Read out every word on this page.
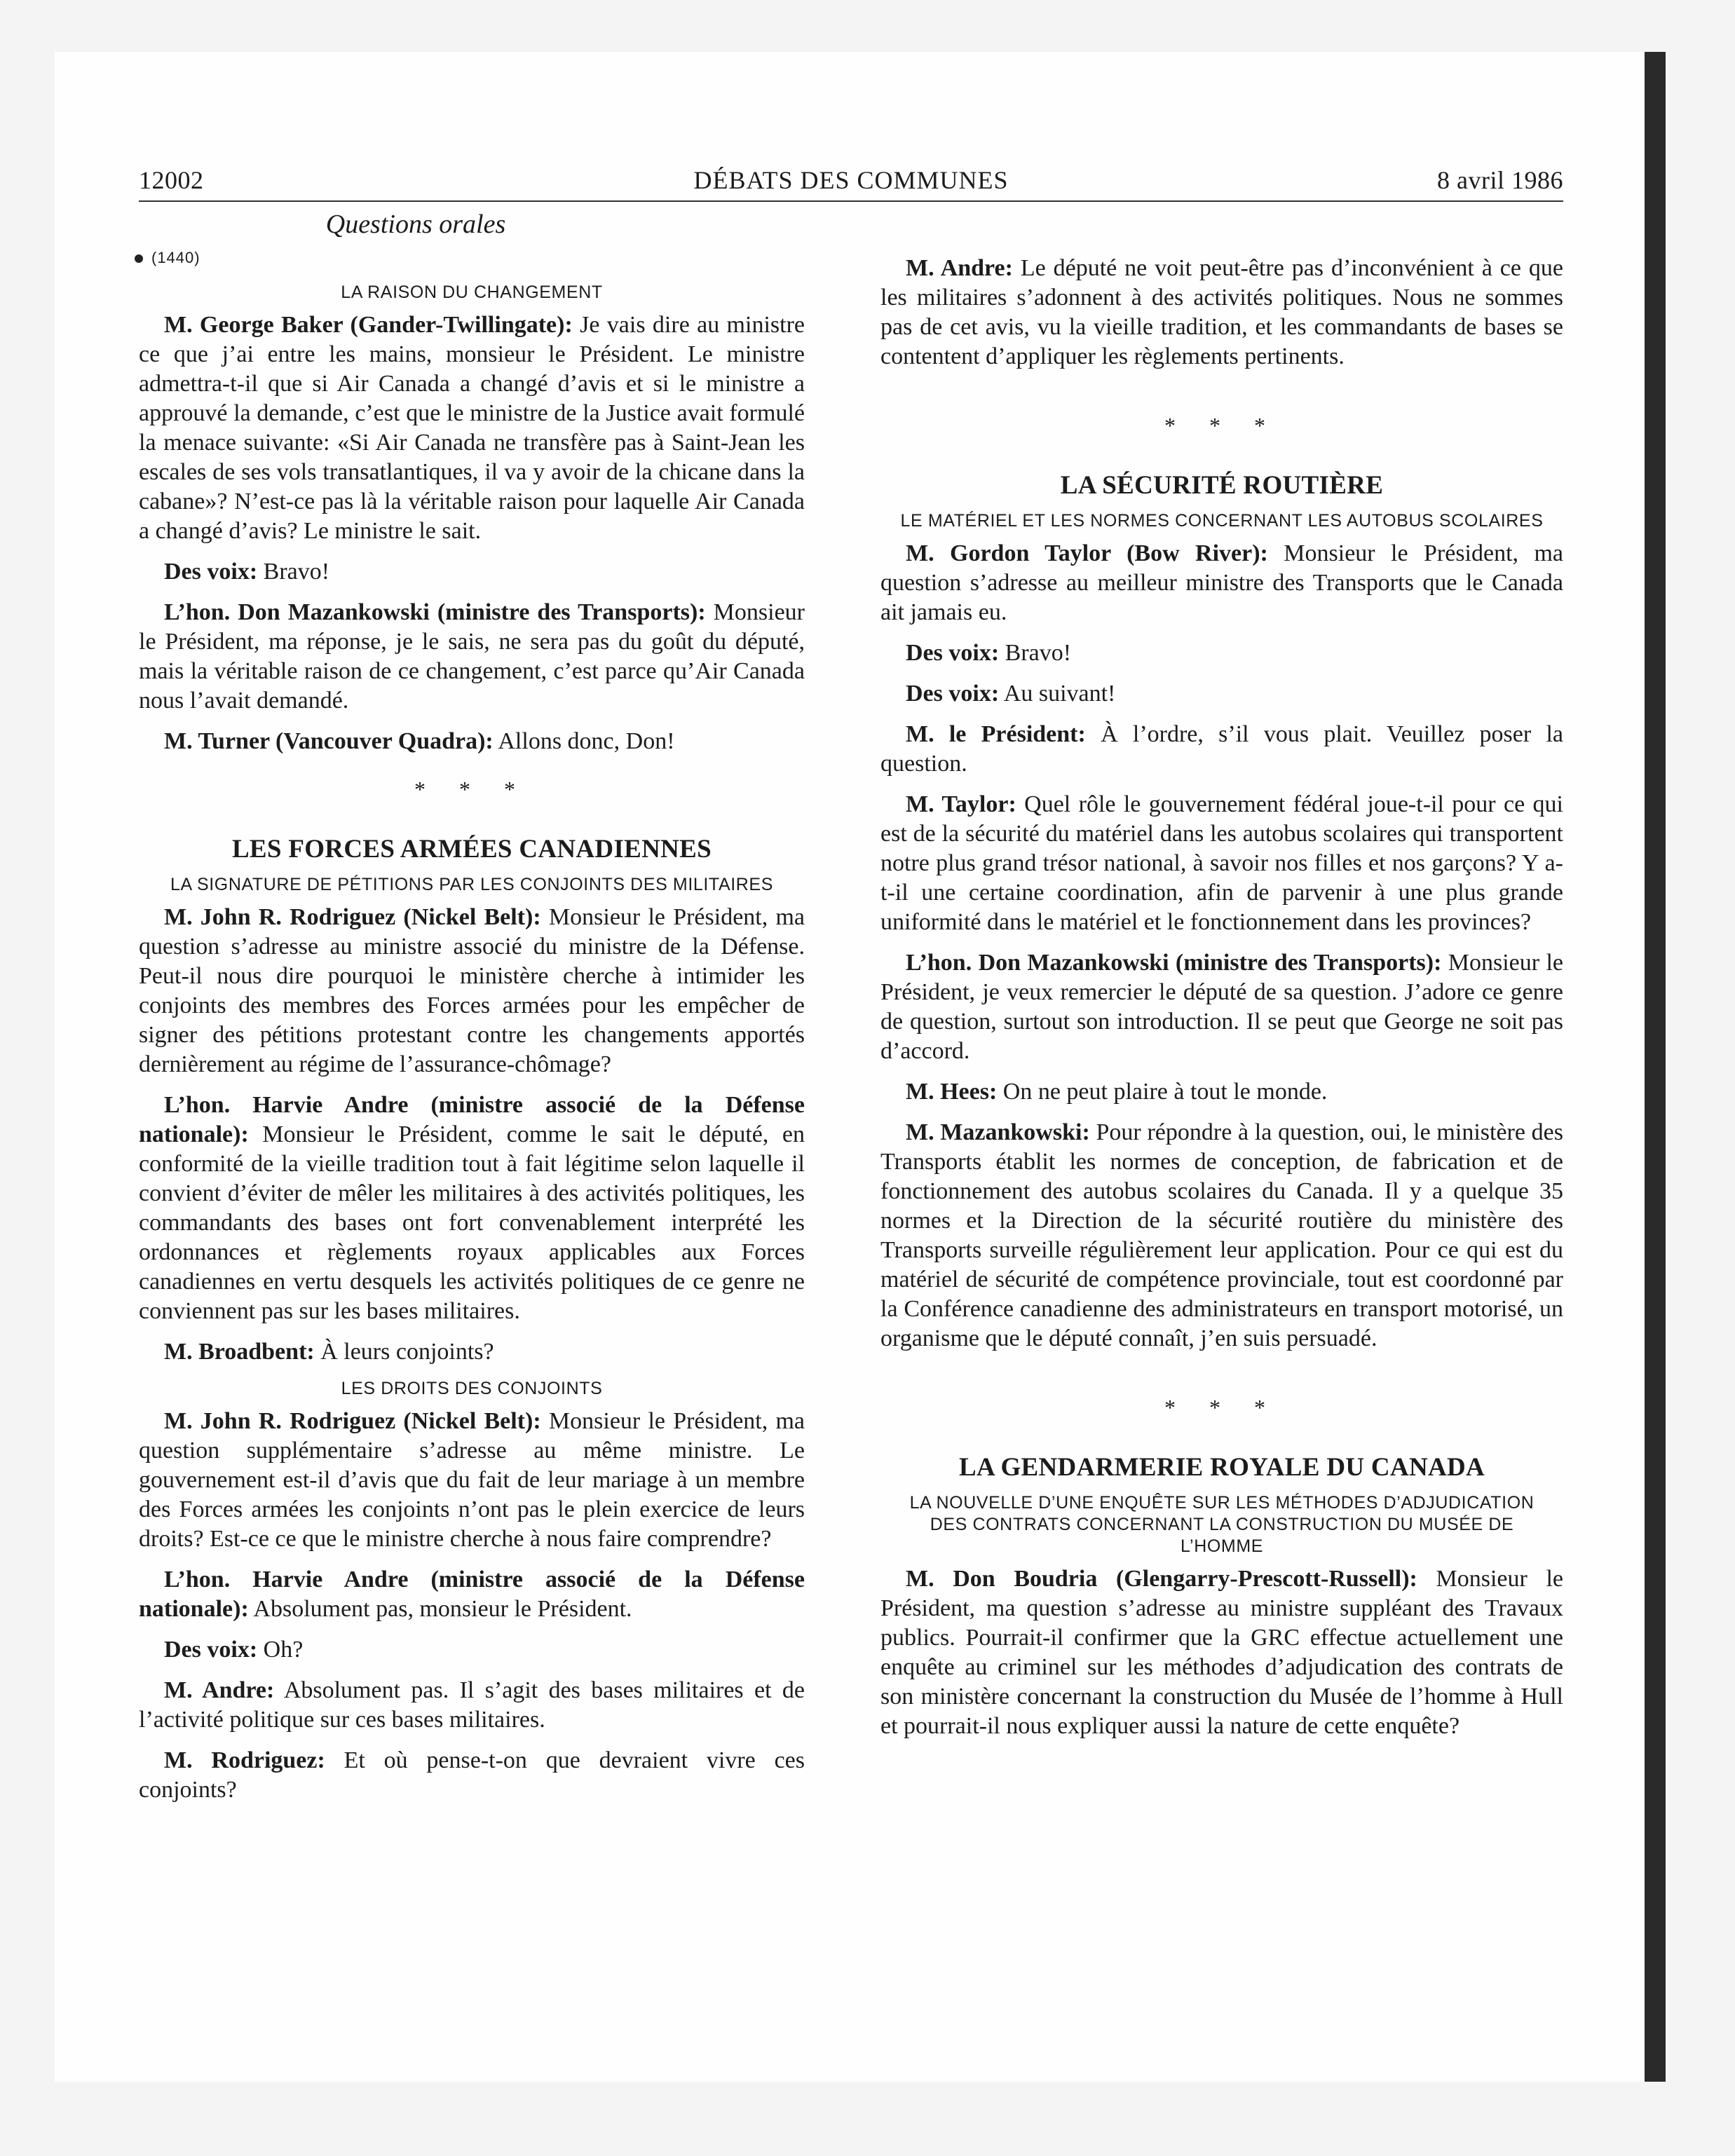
12002	DÉBATS DES COMMUNES	8 avril 1986
Questions orales
(1440)
LA RAISON DU CHANGEMENT

M. George Baker (Gander-Twillingate): Je vais dire au ministre ce que j’ai entre les mains, monsieur le Président. Le ministre admettra-t-il que si Air Canada a changé d’avis et si le ministre a approuvé la demande, c’est que le ministre de la Justice avait formulé la menace suivante: «Si Air Canada ne transfère pas à Saint-Jean les escales de ses vols transatlantiques, il va y avoir de la chicane dans la cabane»? N’est-ce pas là la véritable raison pour laquelle Air Canada a changé d’avis? Le ministre le sait.

Des voix: Bravo!

L’hon. Don Mazankowski (ministre des Transports): Monsieur le Président, ma réponse, je le sais, ne sera pas du goût du député, mais la véritable raison de ce changement, c’est parce qu’Air Canada nous l’avait demandé.

M. Turner (Vancouver Quadra): Allons donc, Don!

* * *
LES FORCES ARMÉES CANADIENNES
LA SIGNATURE DE PÉTITIONS PAR LES CONJOINTS DES MILITAIRES

M. John R. Rodriguez (Nickel Belt): Monsieur le Président, ma question s’adresse au ministre associé du ministre de la Défense. Peut-il nous dire pourquoi le ministère cherche à intimider les conjoints des membres des Forces armées pour les empêcher de signer des pétitions protestant contre les changements apportés dernièrement au régime de l’assurance-chômage?

L’hon. Harvie Andre (ministre associé de la Défense nationale): Monsieur le Président, comme le sait le député, en conformité de la vieille tradition tout à fait légitime selon laquelle il convient d’éviter de mêler les militaires à des activités politiques, les commandants des bases ont fort convenablement interprété les ordonnances et règlements royaux applicables aux Forces canadiennes en vertu desquels les activités politiques de ce genre ne conviennent pas sur les bases militaires.

M. Broadbent: À leurs conjoints?

LES DROITS DES CONJOINTS

M. John R. Rodriguez (Nickel Belt): Monsieur le Président, ma question supplémentaire s’adresse au même ministre. Le gouvernement est-il d’avis que du fait de leur mariage à un membre des Forces armées les conjoints n’ont pas le plein exercice de leurs droits? Est-ce ce que le ministre cherche à nous faire comprendre?

L’hon. Harvie Andre (ministre associé de la Défense nationale): Absolument pas, monsieur le Président.

Des voix: Oh?

M. Andre: Absolument pas. Il s’agit des bases militaires et de l’activité politique sur ces bases militaires.

M. Rodriguez: Et où pense-t-on que devraient vivre ces conjoints?

M. Andre: Le député ne voit peut-être pas d’inconvénient à ce que les militaires s’adonnent à des activités politiques. Nous ne sommes pas de cet avis, vu la vieille tradition, et les commandants de bases se contentent d’appliquer les règlements pertinents.

* * *
LA SÉCURITÉ ROUTIÈRE
LE MATÉRIEL ET LES NORMES CONCERNANT LES AUTOBUS SCOLAIRES

M. Gordon Taylor (Bow River): Monsieur le Président, ma question s’adresse au meilleur ministre des Transports que le Canada ait jamais eu.

Des voix: Bravo!

Des voix: Au suivant!

M. le Président: À l’ordre, s’il vous plait. Veuillez poser la question.

M. Taylor: Quel rôle le gouvernement fédéral joue-t-il pour ce qui est de la sécurité du matériel dans les autobus scolaires qui transportent notre plus grand trésor national, à savoir nos filles et nos garçons? Y a-t-il une certaine coordination, afin de parvenir à une plus grande uniformité dans le matériel et le fonctionnement dans les provinces?

L’hon. Don Mazankowski (ministre des Transports): Monsieur le Président, je veux remercier le député de sa question. J’adore ce genre de question, surtout son introduction. Il se peut que George ne soit pas d’accord.

M. Hees: On ne peut plaire à tout le monde.

M. Mazankowski: Pour répondre à la question, oui, le ministère des Transports établit les normes de conception, de fabrication et de fonctionnement des autobus scolaires du Canada. Il y a quelque 35 normes et la Direction de la sécurité routière du ministère des Transports surveille régulièrement leur application. Pour ce qui est du matériel de sécurité de compétence provinciale, tout est coordonné par la Conférence canadienne des administrateurs en transport motorisé, un organisme que le député connaît, j’en suis persuadé.

* * *
LA GENDARMERIE ROYALE DU CANADA
LA NOUVELLE D’UNE ENQUÊTE SUR LES MÉTHODES D’ADJUDICATION DES CONTRATS CONCERNANT LA CONSTRUCTION DU MUSÉE DE L’HOMME

M. Don Boudria (Glengarry-Prescott-Russell): Monsieur le Président, ma question s’adresse au ministre suppléant des Travaux publics. Pourrait-il confirmer que la GRC effectue actuellement une enquête au criminel sur les méthodes d’adjudication des contrats de son ministère concernant la construction du Musée de l’homme à Hull et pourrait-il nous expliquer aussi la nature de cette enquête?
